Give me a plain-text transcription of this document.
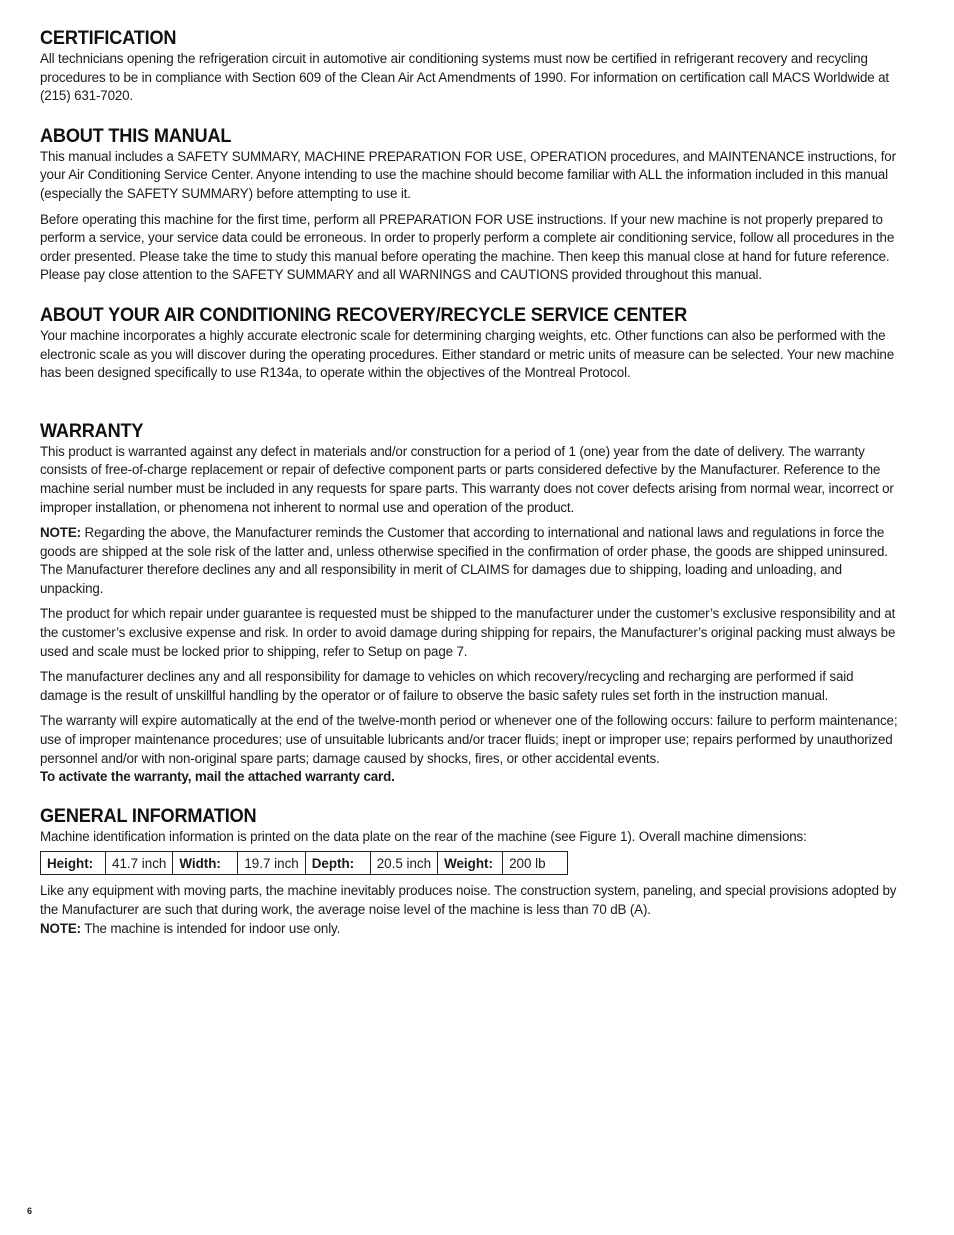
CERTIFICATION

All technicians opening the refrigeration circuit in automotive air conditioning systems must now be certified in refrigerant recovery and recycling procedures to be in compliance with Section 609 of the Clean Air Act Amendments of 1990. For information on certification call MACS Worldwide at (215) 631-7020.

ABOUT THIS MANUAL

This manual includes a SAFETY SUMMARY, MACHINE PREPARATION FOR USE, OPERATION procedures, and MAINTENANCE instructions, for your Air Conditioning Service Center. Anyone intending to use the machine should become familiar with ALL the information included in this manual (especially the SAFETY SUMMARY) before attempting to use it.

Before operating this machine for the first time, perform all PREPARATION FOR USE instructions. If your new machine is not properly prepared to perform a service, your service data could be erroneous. In order to properly perform a complete air conditioning service, follow all procedures in the order presented. Please take the time to study this manual before operating the machine. Then keep this manual close at hand for future reference. Please pay close attention to the SAFETY SUMMARY and all WARNINGS and CAUTIONS provided throughout this manual.

ABOUT YOUR AIR CONDITIONING RECOVERY/RECYCLE SERVICE CENTER

Your machine incorporates a highly accurate electronic scale for determining charging weights, etc. Other functions can also be performed with the electronic scale as you will discover during the operating procedures. Either standard or metric units of measure can be selected. Your new machine has been designed specifically to use R134a, to operate within the objectives of the Montreal Protocol.

WARRANTY

This product is warranted against any defect in materials and/or construction for a period of 1 (one) year from the date of delivery. The warranty consists of free-of-charge replacement or repair of defective component parts or parts considered defective by the Manufacturer. Reference to the machine serial number must be included in any requests for spare parts. This warranty does not cover defects arising from normal wear, incorrect or improper installation, or phenomena not inherent to normal use and operation of the product.

NOTE: Regarding the above, the Manufacturer reminds the Customer that according to international and national laws and regulations in force the goods are shipped at the sole risk of the latter and, unless otherwise specified in the confirmation of order phase, the goods are shipped uninsured. The Manufacturer therefore declines any and all responsibility in merit of CLAIMS for damages due to shipping, loading and unloading, and unpacking.

The product for which repair under guarantee is requested must be shipped to the manufacturer under the customer’s exclusive responsibility and at the customer’s exclusive expense and risk. In order to avoid damage during shipping for repairs, the Manufacturer’s original packing must always be used and scale must be locked prior to shipping, refer to Setup on page 7.

The manufacturer declines any and all responsibility for damage to vehicles on which recovery/recycling and recharging are performed if said damage is the result of unskillful handling by the operator or of failure to observe the basic safety rules set forth in the instruction manual.

The warranty will expire automatically at the end of the twelve-month period or whenever one of the following occurs: failure to perform maintenance; use of improper maintenance procedures; use of unsuitable lubricants and/or tracer fluids; inept or improper use; repairs performed by unauthorized personnel and/or with non-original spare parts; damage caused by shocks, fires, or other accidental events.

To activate the warranty, mail the attached warranty card.

GENERAL INFORMATION

Machine identification information is printed on the data plate on the rear of the machine (see Figure 1). Overall machine dimensions:

Height:	41.7 inch	Width:	19.7 inch	Depth:	20.5 inch	Weight:	200 lb

Like any equipment with moving parts, the machine inevitably produces noise. The construction system, paneling, and special provisions adopted by the Manufacturer are such that during work, the average noise level of the machine is less than 70 dB (A).

NOTE: The machine is intended for indoor use only.

6
